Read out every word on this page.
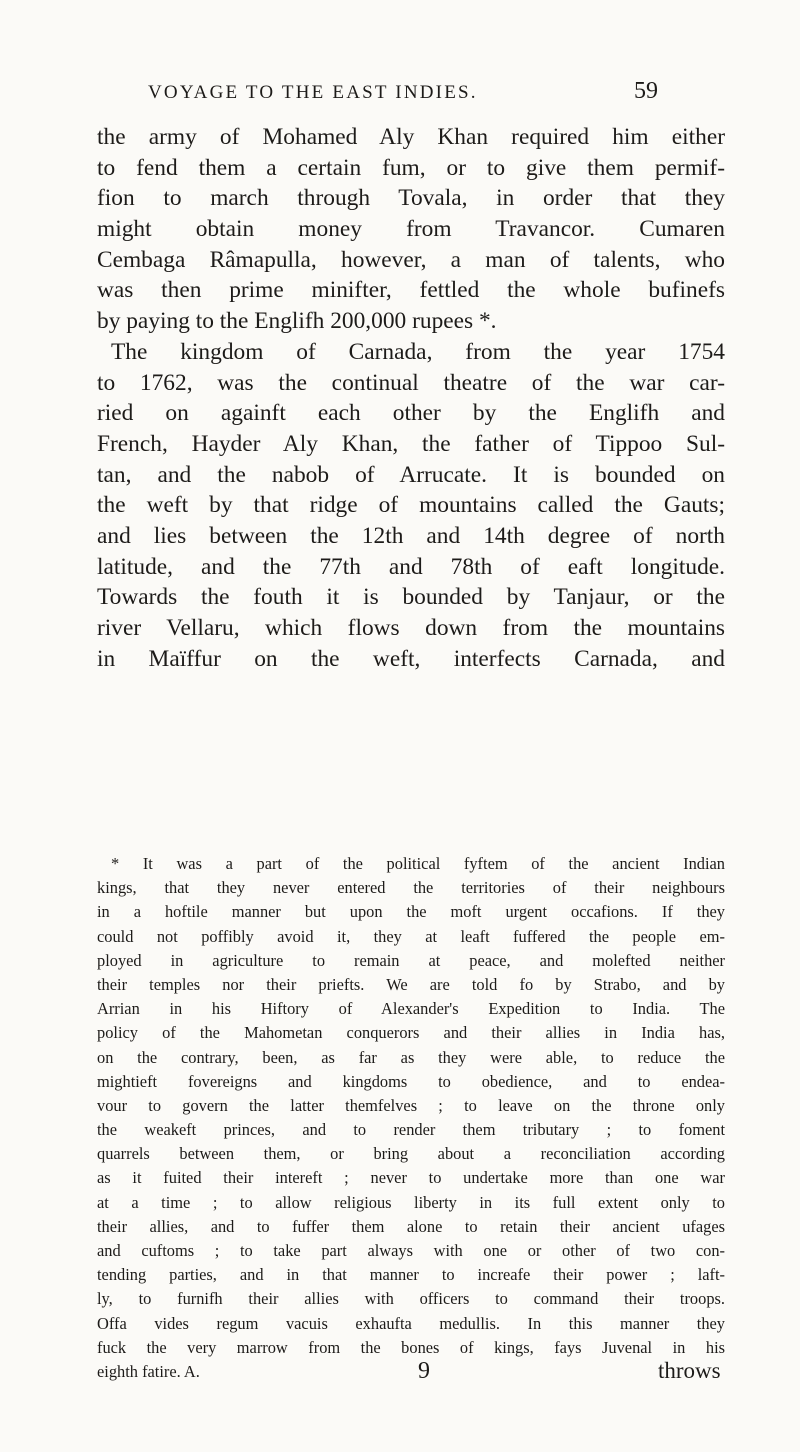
VOYAGE TO THE EAST INDIES.	59
the army of Mohamed Aly Khan required him either
to fend them a certain fum, or to give them permif-
fion to march through Tovala, in order that they
might obtain money from Travancor. Cumaren
Cembaga Râmapulla, however, a man of talents, who
was then prime minifter, fettled the whole bufinefs
by paying to the Englifh 200,000 rupees *.
The kingdom of Carnada, from the year 1754
to 1762, was the continual theatre of the war car-
ried on againft each other by the Englifh and
French, Hayder Aly Khan, the father of Tippoo Sul-
tan, and the nabob of Arrucate. It is bounded on
the weft by that ridge of mountains called the Gauts;
and lies between the 12th and 14th degree of north
latitude, and the 77th and 78th of eaft longitude.
Towards the fouth it is bounded by Tanjaur, or the
river Vellaru, which flows down from the mountains
in Maïffur on the weft, interfects Carnada, and
* It was a part of the political fyftem of the ancient Indian
kings, that they never entered the territories of their neighbours
in a hoftile manner but upon the moft urgent occafions. If they
could not poffibly avoid it, they at leaft fuffered the people em-
ployed in agriculture to remain at peace, and molefted neither
their temples nor their priefts. We are told fo by Strabo, and by
Arrian in his Hiftory of Alexander's Expedition to India. The
policy of the Mahometan conquerors and their allies in India has,
on the contrary, been, as far as they were able, to reduce the
mightieft fovereigns and kingdoms to obedience, and to endea-
vour to govern the latter themfelves ; to leave on the throne only
the weakeft princes, and to render them tributary ; to foment
quarrels between them, or bring about a reconciliation according
as it fuited their intereft ; never to undertake more than one war
at a time ; to allow religious liberty in its full extent only to
their allies, and to fuffer them alone to retain their ancient ufages
and cuftoms ; to take part always with one or other of two con-
tending parties, and in that manner to increafe their power ; laft-
ly, to furnifh their allies with officers to command their troops.
Offa vides regum vacuis exhaufta medullis. In this manner they
fuck the very marrow from the bones of kings, fays Juvenal in his
eighth fatire. A.	9	throws
